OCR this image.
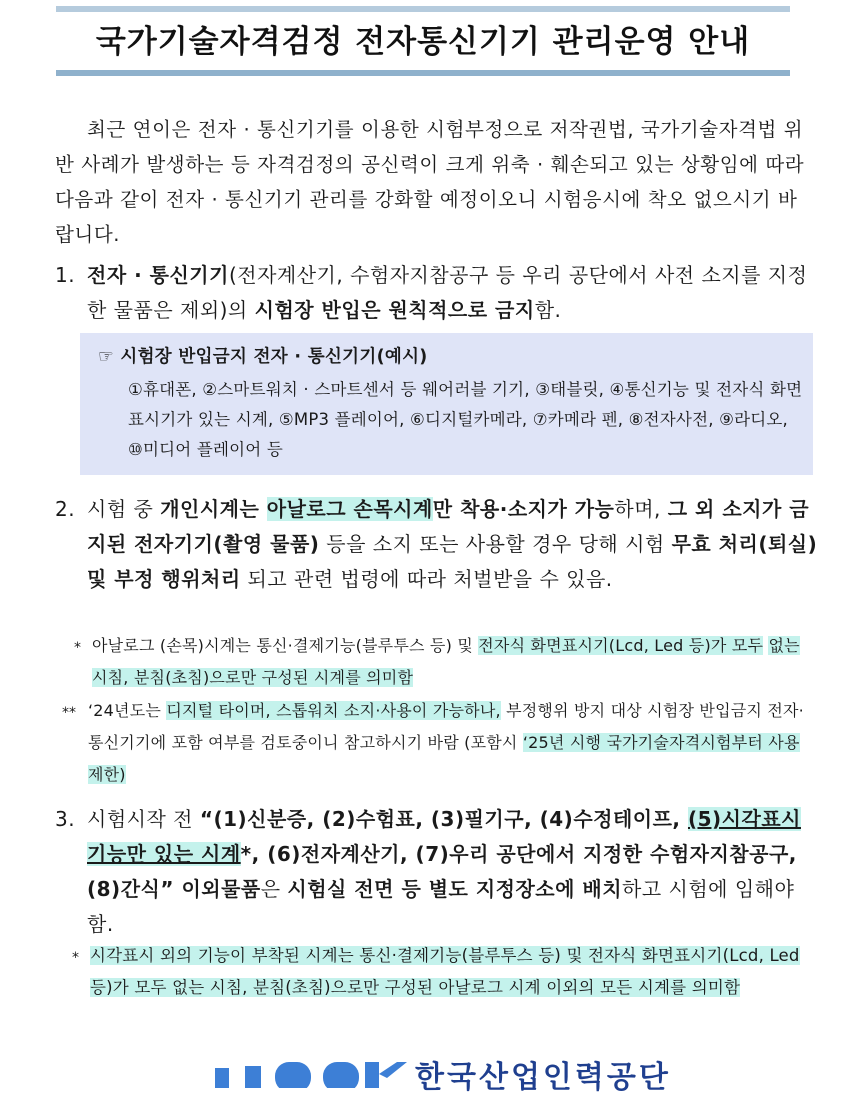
국가기술자격검정 전자통신기기 관리운영 안내
최근 연이은 전자 · 통신기기를 이용한 시험부정으로 저작권법, 국가기술자격법 위반 사례가 발생하는 등 자격검정의 공신력이 크게 위축 · 훼손되고 있는 상황임에 따라 다음과 같이 전자 · 통신기기 관리를 강화할 예정이오니 시험응시에 착오 없으시기 바랍니다.
1. 전자 · 통신기기(전자계산기, 수험자지참공구 등 우리 공단에서 사전 소지를 지정한 물품은 제외)의 시험장 반입은 원칙적으로 금지함.
☞ 시험장 반입금지 전자 · 통신기기(예시)
①휴대폰, ②스마트워치 · 스마트센서 등 웨어러블 기기, ③태블릿, ④통신기능 및 전자식 화면표시기가 있는 시계, ⑤MP3 플레이어, ⑥디지털카메라, ⑦카메라 펜, ⑧전자사전, ⑨라디오, ⑩미디어 플레이어 등
2. 시험 중 개인시계는 아날로그 손목시계만 착용·소지가 가능하며, 그 외 소지가 금지된 전자기기(촬영 물품) 등을 소지 또는 사용할 경우 당해 시험 무효 처리(퇴실) 및 부정 행위처리 되고 관련 법령에 따라 처벌받을 수 있음.
* 아날로그 (손목)시계는 통신·결제기능(블루투스 등) 및 전자식 화면표시기(Lcd, Led 등)가 모두 없는 시침, 분침(초침)으로만 구성된 시계를 의미함
** ‘24년도는 디지털 타이머, 스톱워치 소지·사용이 가능하나, 부정행위 방지 대상 시험장 반입금지 전자·통신기기에 포함 여부를 검토중이니 참고하시기 바람 (포함시 ‘25년 시행 국가기술자격시험부터 사용 제한)
3. 시험시작 전 “(1)신분증, (2)수험표, (3)필기구, (4)수정테이프, (5)시각표시 기능만 있는 시계*, (6)전자계산기, (7)우리 공단에서 지정한 수험자지참공구, (8)간식” 이외물품은 시험실 전면 등 별도 지정장소에 배치하고 시험에 임해야 함.
* 시각표시 외의 기능이 부착된 시계는 통신·결제기능(블루투스 등) 및 전자식 화면표시기(Lcd, Led 등)가 모두 없는 시침, 분침(초침)으로만 구성된 아날로그 시계 이외의 모든 시계를 의미함
한국산업인력공단
